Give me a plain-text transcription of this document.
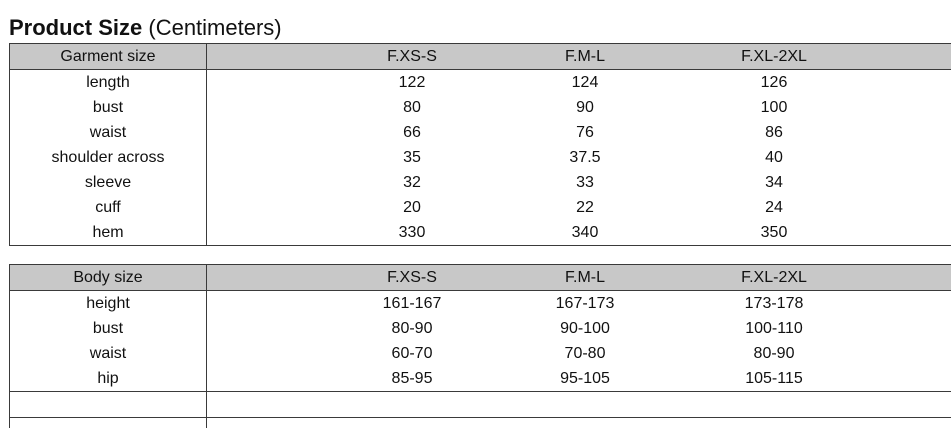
Product Size (Centimeters)
Garment size	F.XS-S F.M-L F.XL-2XL

length	122 124 126

bust	80 90 100

waist	66 76 86

shoulder across	35 37.5 40

sleeve	32 33 34

cuff	20 22 24

hem	330 340 350
Body size	F.XS-S F.M-L F.XL-2XL

height	161-167 167-173 173-178

bust	80-90 90-100 100-110

waist	60-70 70-80 80-90

hip	85-95 95-105 105-115
